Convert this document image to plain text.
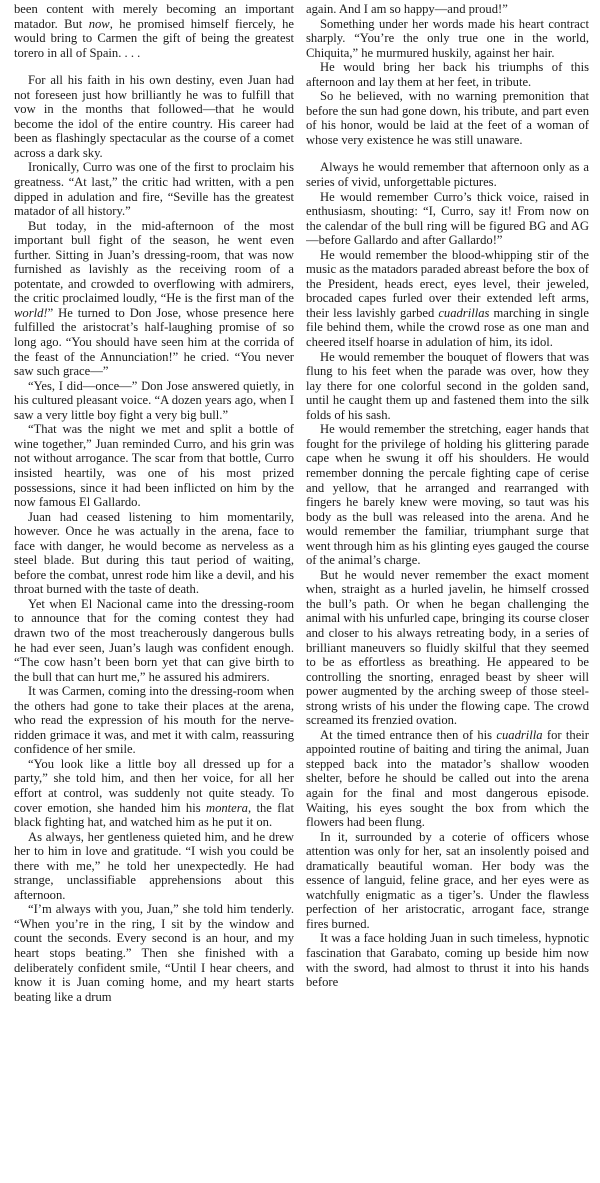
been content with merely becoming an important matador. But now, he promised himself fiercely, he would bring to Carmen the gift of being the greatest torero in all of Spain. . . .

For all his faith in his own destiny, even Juan had not foreseen just how brilliantly he was to fulfill that vow in the months that followed—that he would become the idol of the entire country. His career had been as flashingly spectacular as the course of a comet across a dark sky.

Ironically, Curro was one of the first to proclaim his greatness. “At last,” the critic had written, with a pen dipped in adulation and fire, “Seville has the greatest matador of all history.”

But today, in the mid-afternoon of the most important bull fight of the season, he went even further. Sitting in Juan’s dressing-room, that was now furnished as lavishly as the receiving room of a potentate, and crowded to overflowing with admirers, the critic proclaimed loudly, “He is the first man of the world!” He turned to Don Jose, whose presence here fulfilled the aristocrat’s half-laughing promise of so long ago. “You should have seen him at the corrida of the feast of the Annunciation!” he cried. “You never saw such grace—”

“Yes, I did—once—” Don Jose answered quietly, in his cultured pleasant voice. “A dozen years ago, when I saw a very little boy fight a very big bull.”

“That was the night we met and split a bottle of wine together,” Juan reminded Curro, and his grin was not without arrogance. The scar from that bottle, Curro insisted heartily, was one of his most prized possessions, since it had been inflicted on him by the now famous El Gallardo.

Juan had ceased listening to him momentarily, however. Once he was actually in the arena, face to face with danger, he would become as nerveless as a steel blade. But during this taut period of waiting, before the combat, unrest rode him like a devil, and his throat burned with the taste of death.

Yet when El Nacional came into the dressing-room to announce that for the coming contest they had drawn two of the most treacherously dangerous bulls he had ever seen, Juan’s laugh was confident enough. “The cow hasn’t been born yet that can give birth to the bull that can hurt me,” he assured his admirers.

It was Carmen, coming into the dressing-room when the others had gone to take their places at the arena, who read the expression of his mouth for the nerve-ridden grimace it was, and met it with calm, reassuring confidence of her smile.

“You look like a little boy all dressed up for a party,” she told him, and then her voice, for all her effort at control, was suddenly not quite steady. To cover emotion, she handed him his montera, the flat black fighting hat, and watched him as he put it on.

As always, her gentleness quieted him, and he drew her to him in love and gratitude. “I wish you could be there with me,” he told her unexpectedly. He had strange, unclassifiable apprehensions about this afternoon.

“I’m always with you, Juan,” she told him tenderly. “When you’re in the ring, I sit by the window and count the seconds. Every second is an hour, and my heart stops beating.” Then she finished with a deliberately confident smile, “Until I hear cheers, and know it is Juan coming home, and my heart starts beating like a drum

again. And I am so happy—and proud!”

Something under her words made his heart contract sharply. “You’re the only true one in the world, Chiquita,” he murmured huskily, against her hair.

He would bring her back his triumphs of this afternoon and lay them at her feet, in tribute.

So he believed, with no warning premonition that before the sun had gone down, his tribute, and part even of his honor, would be laid at the feet of a woman of whose very existence he was still unaware.

Always he would remember that afternoon only as a series of vivid, unforgettable pictures.

He would remember Curro’s thick voice, raised in enthusiasm, shouting: “I, Curro, say it! From now on the calendar of the bull ring will be figured BG and AG—before Gallardo and after Gallardo!”

He would remember the blood-whipping stir of the music as the matadors paraded abreast before the box of the President, heads erect, eyes level, their jeweled, brocaded capes furled over their extended left arms, their less lavishly garbed cuadrillas marching in single file behind them, while the crowd rose as one man and cheered itself hoarse in adulation of him, its idol.

He would remember the bouquet of flowers that was flung to his feet when the parade was over, how they lay there for one colorful second in the golden sand, until he caught them up and fastened them into the silk folds of his sash.

He would remember the stretching, eager hands that fought for the privilege of holding his glittering parade cape when he swung it off his shoulders. He would remember donning the percale fighting cape of cerise and yellow, that he arranged and rearranged with fingers he barely knew were moving, so taut was his body as the bull was released into the arena. And he would remember the familiar, triumphant surge that went through him as his glinting eyes gauged the course of the animal’s charge.

But he would never remember the exact moment when, straight as a hurled javelin, he himself crossed the bull’s path. Or when he began challenging the animal with his unfurled cape, bringing its course closer and closer to his always retreating body, in a series of brilliant maneuvers so fluidly skilful that they seemed to be as effortless as breathing. He appeared to be controlling the snorting, enraged beast by sheer will power augmented by the arching sweep of those steel-strong wrists of his under the flowing cape. The crowd screamed its frenzied ovation.

At the timed entrance then of his cuadrilla for their appointed routine of baiting and tiring the animal, Juan stepped back into the matador’s shallow wooden shelter, before he should be called out into the arena again for the final and most dangerous episode. Waiting, his eyes sought the box from which the flowers had been flung.

In it, surrounded by a coterie of officers whose attention was only for her, sat an insolently poised and dramatically beautiful woman. Her body was the essence of languid, feline grace, and her eyes were as watchfully enigmatic as a tiger’s. Under the flawless perfection of her aristocratic, arrogant face, strange fires burned.

It was a face holding Juan in such timeless, hypnotic fascination that Garabato, coming up beside him now with the sword, had almost to thrust it into his hands before
